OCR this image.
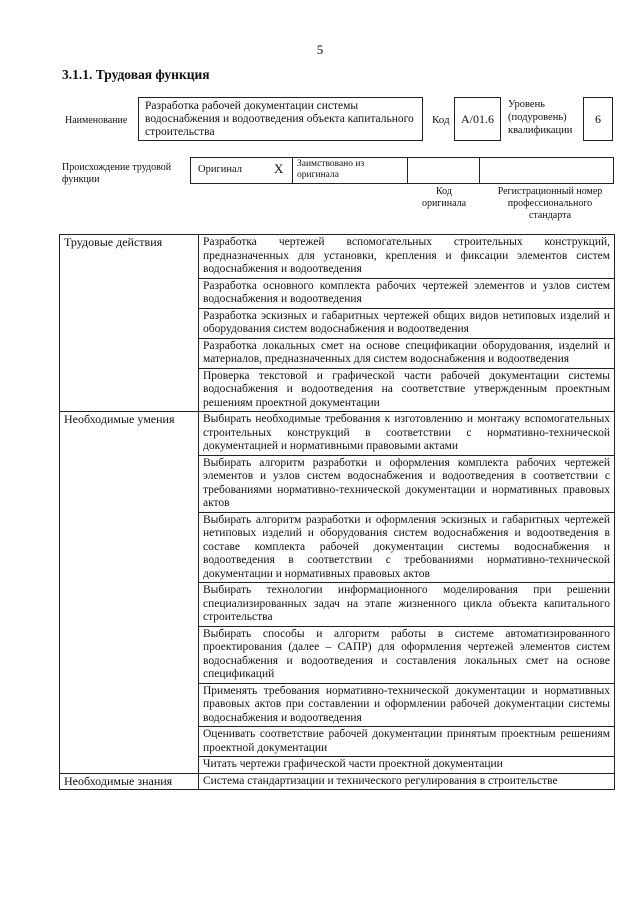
5
3.1.1. Трудовая функция
Наименование
Разработка рабочей документации системы водоснабжения и водоотведения объекта капитального строительства
Код А/01.6
Уровень
(подуровень)
квалификации
6
Происхождение трудовой
функции
Оригинал	X Заимствовано из
оригинала
Код
оригинала
Регистрационный номер
профессионального
стандарта
Трудовые действия	Разработка чертежей вспомогательных строительных конструкций, предназначенных для установки, крепления и фиксации элементов систем водоснабжения и водоотведения
	Разработка основного комплекта рабочих чертежей элементов и узлов систем водоснабжения и водоотведения
	Разработка эскизных и габаритных чертежей общих видов нетиповых изделий и оборудования систем водоснабжения и водоотведения
	Разработка локальных смет на основе спецификации оборудования, изделий и материалов, предназначенных для систем водоснабжения и водоотведения
	Проверка текстовой и графической части рабочей документации системы водоснабжения и водоотведения на соответствие утвержденным проектным решениям проектной документации
Необходимые умения	Выбирать необходимые требования к изготовлению и монтажу вспомогательных строительных конструкций в соответствии с нормативно-технической документацией и нормативными правовыми актами
	Выбирать алгоритм разработки и оформления комплекта рабочих чертежей элементов и узлов систем водоснабжения и водоотведения в соответствии с требованиями нормативно-технической документации и нормативных правовых актов
	Выбирать алгоритм разработки и оформления эскизных и габаритных чертежей нетиповых изделий и оборудования систем водоснабжения и водоотведения в составе комплекта рабочей документации системы водоснабжения и водоотведения в соответствии с требованиями нормативно-технической документации и нормативных правовых актов
	Выбирать технологии информационного моделирования при решении специализированных задач на этапе жизненного цикла объекта капитального строительства
	Выбирать способы и алгоритм работы в системе автоматизированного проектирования (далее – САПР) для оформления чертежей элементов систем водоснабжения и водоотведения и составления локальных смет на основе спецификаций
	Применять требования нормативно-технической документации и нормативных правовых актов при составлении и оформлении рабочей документации системы водоснабжения и водоотведения
	Оценивать соответствие рабочей документации принятым проектным решениям проектной документации
	Читать чертежи графической части проектной документации
Необходимые знания	Система стандартизации и технического регулирования в строительстве
